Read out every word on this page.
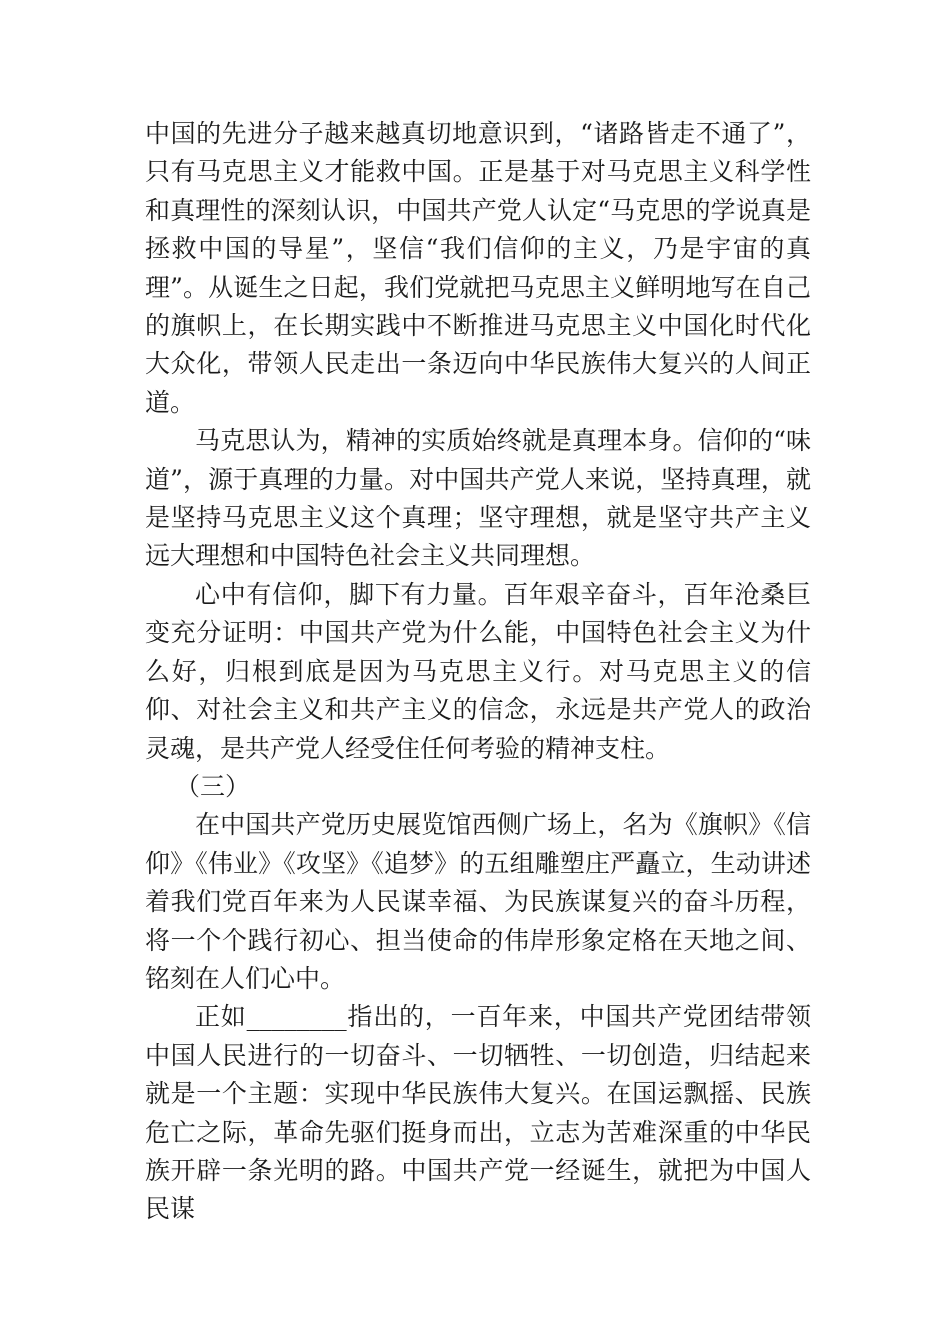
中国的先进分子越来越真切地意识到，“诸路皆走不通了”，只有马克思主义才能救中国。正是基于对马克思主义科学性和真理性的深刻认识，中国共产党人认定“马克思的学说真是拯救中国的导星”，坚信“我们信仰的主义，乃是宇宙的真理”。从诞生之日起，我们党就把马克思主义鲜明地写在自己的旗帜上，在长期实践中不断推进马克思主义中国化时代化大众化，带领人民走出一条迈向中华民族伟大复兴的人间正道。

马克思认为，精神的实质始终就是真理本身。信仰的“味道”，源于真理的力量。对中国共产党人来说，坚持真理，就是坚持马克思主义这个真理；坚守理想，就是坚守共产主义远大理想和中国特色社会主义共同理想。

心中有信仰，脚下有力量。百年艰辛奋斗，百年沧桑巨变充分证明：中国共产党为什么能，中国特色社会主义为什么好，归根到底是因为马克思主义行。对马克思主义的信仰、对社会主义和共产主义的信念，永远是共产党人的政治灵魂，是共产党人经受住任何考验的精神支柱。

（三）

在中国共产党历史展览馆西侧广场上，名为《旗帜》《信仰》《伟业》《攻坚》《追梦》的五组雕塑庄严矗立，生动讲述着我们党百年来为人民谋幸福、为民族谋复兴的奋斗历程，将一个个践行初心、担当使命的伟岸形象定格在天地之间、铭刻在人们心中。

正如________指出的，一百年来，中国共产党团结带领中国人民进行的一切奋斗、一切牺牲、一切创造，归结起来就是一个主题：实现中华民族伟大复兴。在国运飘摇、民族危亡之际，革命先驱们挺身而出，立志为苦难深重的中华民族开辟一条光明的路。中国共产党一经诞生，就把为中国人民谋
